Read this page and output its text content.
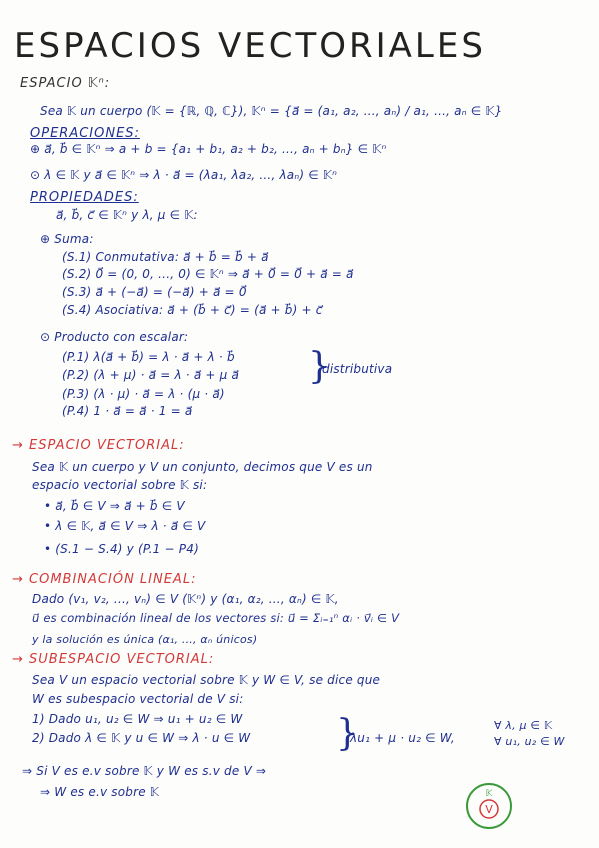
ESPACIOS VECTORIALES
ESPACIO 𝕂ⁿ:
Sea 𝕂 un cuerpo (𝕂 = {ℝ, ℚ, ℂ}), 𝕂ⁿ = {a⃗ = (a₁, a₂, ..., aₙ) / a₁, ..., aₙ ∈ 𝕂}
OPERACIONES:
⊕ a⃗, b⃗ ∈ 𝕂ⁿ ⇒ a + b = {a₁ + b₁, a₂ + b₂, ..., aₙ + bₙ} ∈ 𝕂ⁿ
⊙ λ ∈ 𝕂 y a⃗ ∈ 𝕂ⁿ ⇒ λ · a⃗ = (λa₁, λa₂, ..., λaₙ) ∈ 𝕂ⁿ
PROPIEDADES:
a⃗, b⃗, c⃗ ∈ 𝕂ⁿ y λ, μ ∈ 𝕂:
⊕ Suma:
(S.1) Conmutativa: a⃗ + b⃗ = b⃗ + a⃗
(S.2) 0⃗ = (0, 0, ..., 0) ∈ 𝕂ⁿ ⇒ a⃗ + 0⃗ = 0⃗ + a⃗ = a⃗
(S.3) a⃗ + (−a⃗) = (−a⃗) + a⃗ = 0⃗
(S.4) Asociativa: a⃗ + (b⃗ + c⃗) = (a⃗ + b⃗) + c⃗
⊙ Producto con escalar:
(P.1) λ(a⃗ + b⃗) = λ · a⃗ + λ · b⃗
(P.2) (λ + μ) · a⃗ = λ · a⃗ + μ a⃗
(P.3) (λ · μ) · a⃗ = λ · (μ · a⃗)
(P.4) 1 · a⃗ = a⃗ · 1 = a⃗
}
distributiva
→ ESPACIO VECTORIAL:
Sea 𝕂 un cuerpo y V un conjunto, decimos que V es un
espacio vectorial sobre 𝕂 si:
• a⃗, b⃗ ∈ V ⇒ a⃗ + b⃗ ∈ V
• λ ∈ 𝕂, a⃗ ∈ V ⇒ λ · a⃗ ∈ V
• (S.1 − S.4) y (P.1 − P4)
→ COMBINACIÓN LINEAL:
Dado (v₁, v₂, ..., vₙ) ∈ V (𝕂ⁿ) y (α₁, α₂, ..., αₙ) ∈ 𝕂,
u⃗ es combinación lineal de los vectores si: u⃗ = Σᵢ₌₁ⁿ αᵢ · v⃗ᵢ ∈ V
y la solución es única (α₁, ..., αₙ únicos)
→ SUBESPACIO VECTORIAL:
Sea V un espacio vectorial sobre 𝕂 y W ∈ V, se dice que
W es subespacio vectorial de V si:
1) Dado u₁, u₂ ∈ W ⇒ u₁ + u₂ ∈ W
2) Dado λ ∈ 𝕂 y u ∈ W ⇒ λ · u ∈ W }
λu₁ + μ · u₂ ∈ W,
∀ λ, μ ∈ 𝕂
∀ u₁, u₂ ∈ W
⇒ Si V es e.v sobre 𝕂 y W es s.v de V ⇒
⇒ W es e.v sobre 𝕂
V
𝕂
